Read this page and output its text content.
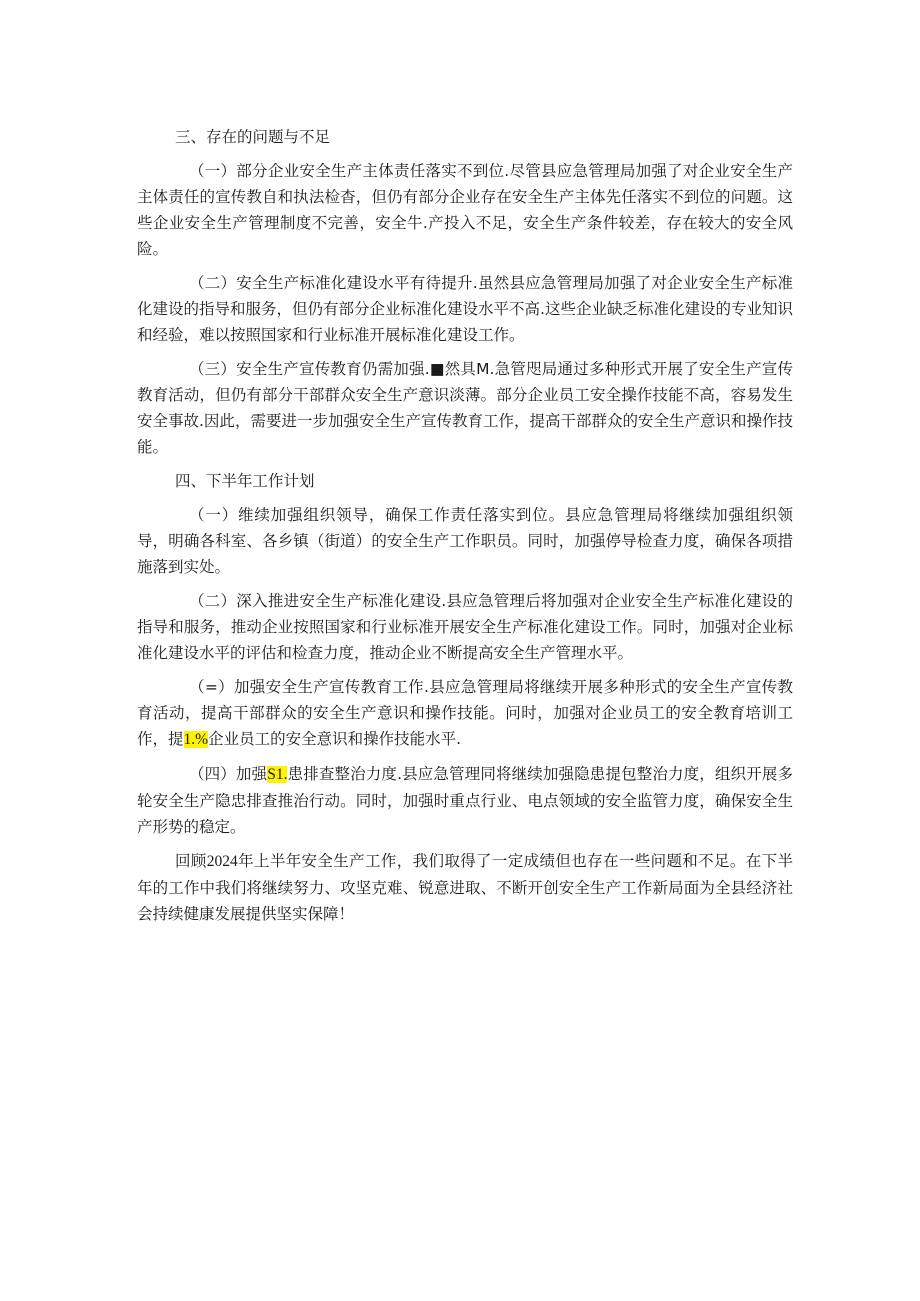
三、存在的问题与不足

（一）部分企业安全生产主体责任落实不到位.尽管县应急管理局加强了对企业安全生产主体责任的宣传教自和执法检杳，但仍有部分企业存在安全生产主体先任落实不到位的问题。这些企业安全生产管理制度不完善，安全牛.产投入不足，安全生产条件较差，存在较大的安全风险。

（二）安全生产标准化建设水平有待提升.虽然县应急管理局加强了对企业安全生产标准化建设的指导和服务，但仍有部分企业标准化建设水平不高.这些企业缺乏标准化建设的专业知识和经验，难以按照国家和行业标准开展标准化建设工作。

（三）安全生产宣传教育仍需加强.■然具M.急管咫局通过多种形式开展了安全生产宣传教育活动，但仍有部分干部群众安全生产意识淡薄。部分企业员工安全操作技能不高，容易发生安全事故.因此，需要进一步加强安全生产宣传教育工作，提高干部群众的安全生产意识和操作技能。

四、下半年工作计划

（一）维续加强组织领导，确保工作责任落实到位。县应急管理局将继续加强组织领导，明确各科室、各乡镇（街道）的安全生产工作职员。同时，加强停导检查力度，确保各项措施落到实处。

（二）深入推进安全生产标准化建设.县应急管理后将加强对企业安全生产标准化建设的指导和服务，推动企业按照国家和行业标准开展安全生产标准化建设工作。同时，加强对企业标准化建设水平的评估和检查力度，推动企业不断提高安全生产管理水平。

（=）加强安全生产宣传教育工作.县应急管理局将继续开展多种形式的安全生产宣传教育活动，提高干部群众的安全生产意识和操作技能。问时，加强对企业员工的安全教育培训工作，提1.%企业员工的安全意识和操作技能水平.

（四）加强S1.患排查整治力度.县应急管理同将继续加强隐患提包整治力度，组织开展多轮安全生产隐忠排查推治行动。同时，加强时重点行业、电点领域的安全监管力度，确保安全生产形势的稳定。

回顾2024年上半年安全生产工作，我们取得了一定成绩但也存在一些问题和不足。在下半年的工作中我们将继续努力、攻坚克难、锐意进取、不断开创安全生产工作新局面为全县经济社会持续健康发展提供坚实保障！
